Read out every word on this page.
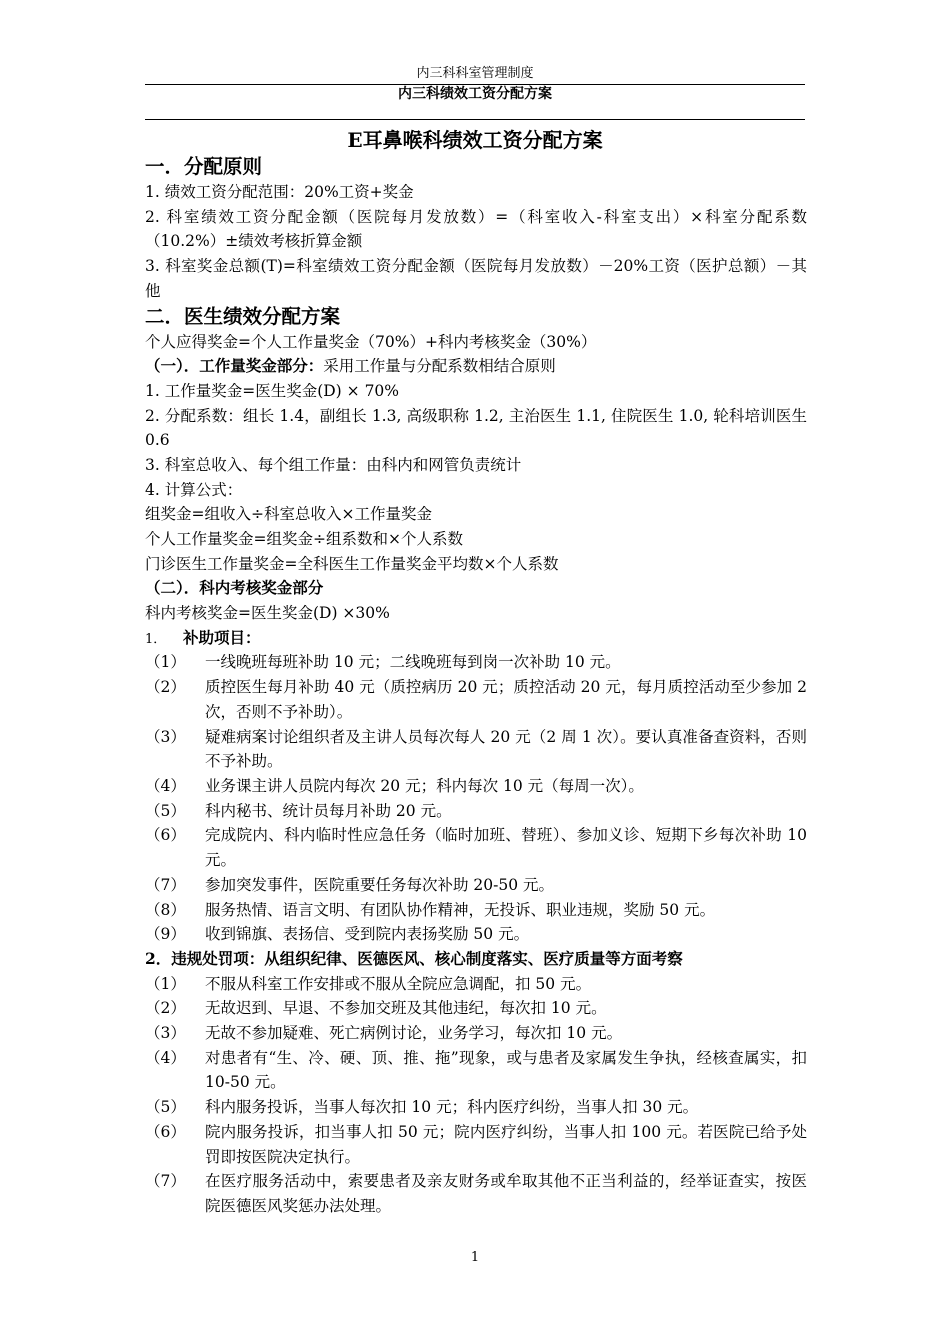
内三科科室管理制度
内三科绩效工资分配方案
E耳鼻喉科绩效工资分配方案
一．分配原则
1. 绩效工资分配范围：20%工资+奖金
2. 科室绩效工资分配金额（医院每月发放数）=（科室收入-科室支出）×科室分配系数（10.2%）±绩效考核折算金额
3. 科室奖金总额(T)=科室绩效工资分配金额（医院每月发放数）－20%工资（医护总额）－其他
二．医生绩效分配方案
个人应得奖金=个人工作量奖金（70%）+科内考核奖金（30%）
（一）．工作量奖金部分：采用工作量与分配系数相结合原则
1. 工作量奖金=医生奖金(D) × 70%
2. 分配系数：组长 1.4，副组长 1.3, 高级职称 1.2, 主治医生 1.1, 住院医生 1.0, 轮科培训医生 0.6
3. 科室总收入、每个组工作量：由科内和网管负责统计
4. 计算公式：
组奖金=组收入÷科室总收入×工作量奖金
个人工作量奖金=组奖金÷组系数和×个人系数
门诊医生工作量奖金=全科医生工作量奖金平均数×个人系数
（二）．科内考核奖金部分
科内考核奖金=医生奖金(D) ×30%
1． 补助项目：
（1）	一线晚班每班补助 10 元；二线晚班每到岗一次补助 10 元。
（2）	质控医生每月补助 40 元（质控病历 20 元；质控活动 20 元，每月质控活动至少参加 2 次，否则不予补助）。
（3）	疑难病案讨论组织者及主讲人员每次每人 20 元（2 周 1 次）。要认真准备查资料，否则不予补助。
（4）	业务课主讲人员院内每次 20 元；科内每次 10 元（每周一次）。
（5）	科内秘书、统计员每月补助 20 元。
（6）	完成院内、科内临时性应急任务（临时加班、替班）、参加义诊、短期下乡每次补助 10 元。
（7）	参加突发事件，医院重要任务每次补助 20-50 元。
（8）	服务热情、语言文明、有团队协作精神，无投诉、职业违规，奖励 50 元。
（9）	收到锦旗、表扬信、受到院内表扬奖励 50 元。
2．违规处罚项：从组织纪律、医德医风、核心制度落实、医疗质量等方面考察
（1）	不服从科室工作安排或不服从全院应急调配，扣 50 元。
（2）	无故迟到、早退、不参加交班及其他违纪，每次扣 10 元。
（3）	无故不参加疑难、死亡病例讨论，业务学习，每次扣 10 元。
（4）	对患者有“生、冷、硬、顶、推、拖”现象，或与患者及家属发生争执，经核查属实，扣 10-50 元。
（5）	科内服务投诉，当事人每次扣 10 元；科内医疗纠纷，当事人扣 30 元。
（6）	院内服务投诉，扣当事人扣 50 元；院内医疗纠纷，当事人扣 100 元。若医院已给予处罚即按医院决定执行。
（7）	在医疗服务活动中，索要患者及亲友财务或牟取其他不正当利益的，经举证查实，按医院医德医风奖惩办法处理。
1
